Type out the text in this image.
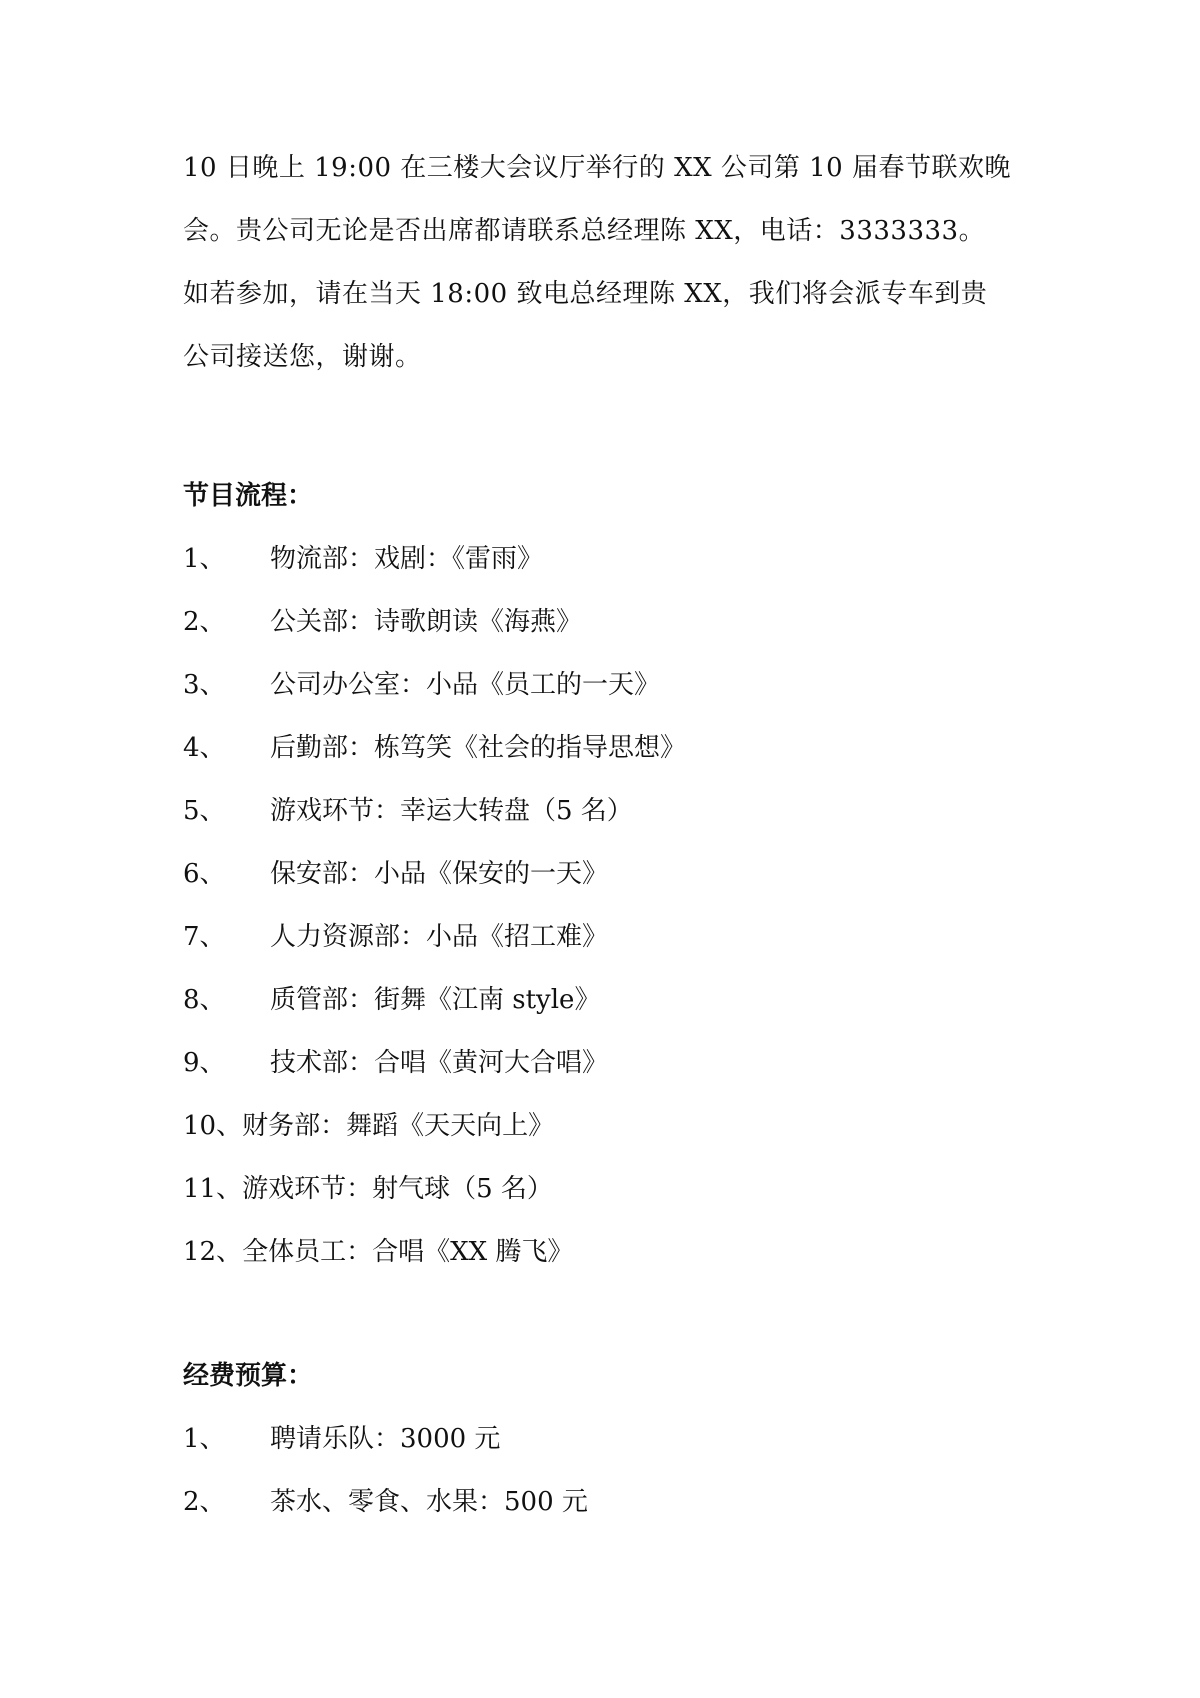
10 日晚上 19:00 在三楼大会议厅举行的 XX 公司第 10 届春节联欢晚
会。贵公司无论是否出席都请联系总经理陈 XX，电话：3333333。
如若参加，请在当天 18:00 致电总经理陈 XX，我们将会派专车到贵
公司接送您，谢谢。
节目流程：
1、	物流部：戏剧：《雷雨》
2、	公关部：诗歌朗读《海燕》
3、	公司办公室：小品《员工的一天》
4、	后勤部：栋笃笑《社会的指导思想》
5、	游戏环节：幸运大转盘（5 名）
6、	保安部：小品《保安的一天》
7、	人力资源部：小品《招工难》
8、	质管部：街舞《江南 style》
9、	技术部：合唱《黄河大合唱》
10、 财务部：舞蹈《天天向上》
11、 游戏环节：射气球（5 名）
12、 全体员工：合唱《XX 腾飞》
经费预算：
1、	聘请乐队：3000 元
2、	茶水、零食、水果：500 元
